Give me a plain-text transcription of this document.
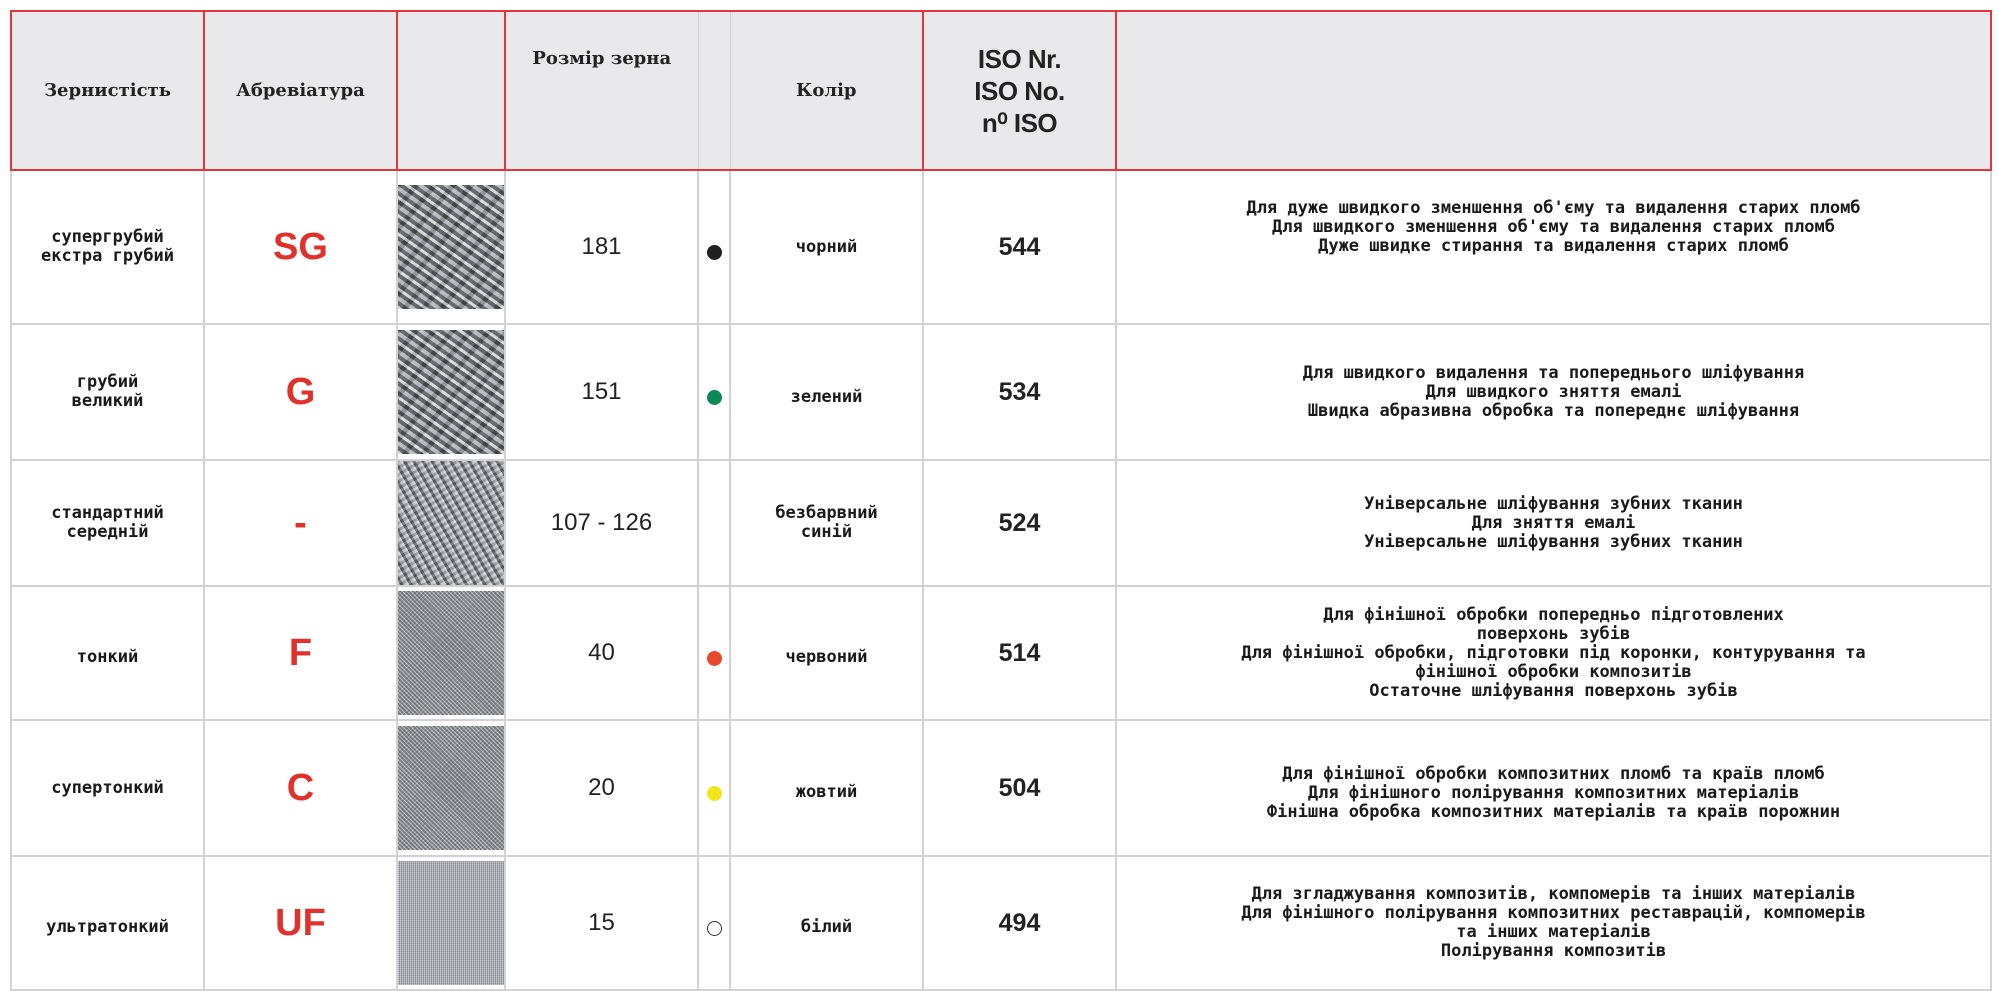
Зернистість	Абревіатура		Розмір зерна		Колір	ISO Nr.
ISO No.
n⁰ ISO	

супергрубий
екстра грубий	SG		181		чорний	544	Для дуже швидкого зменшення об'єму та видалення старих пломб
Для швидкого зменшення об'єму та видалення старих пломб
Дуже швидке стирання та видалення старих пломб

грубий
великий	G		151		зелений	534	Для швидкого видалення та попереднього шліфування
Для швидкого зняття емалі
Швидка абразивна обробка та попереднє шліфування

стандартний
середній	-		107 - 126		безбарвний
синій	524	Універсальне шліфування зубних тканин
Для зняття емалі
Універсальне шліфування зубних тканин

тонкий	F		40		червоний	514	Для фінішної обробки попередньо підготовлених
поверхонь зубів
Для фінішної обробки, підготовки під коронки, контурування та
фінішної обробки композитів
Остаточне шліфування поверхонь зубів

супертонкий	C		20		жовтий	504	Для фінішної обробки композитних пломб та країв пломб
Для фінішного полірування композитних матеріалів
Фінішна обробка композитних матеріалів та країв порожнин

ультратонкий	UF		15		білий	494	Для згладжування композитів, компомерів та інших матеріалів
Для фінішного полірування композитних реставрацій, компомерів
та інших матеріалів
Полірування композитів
